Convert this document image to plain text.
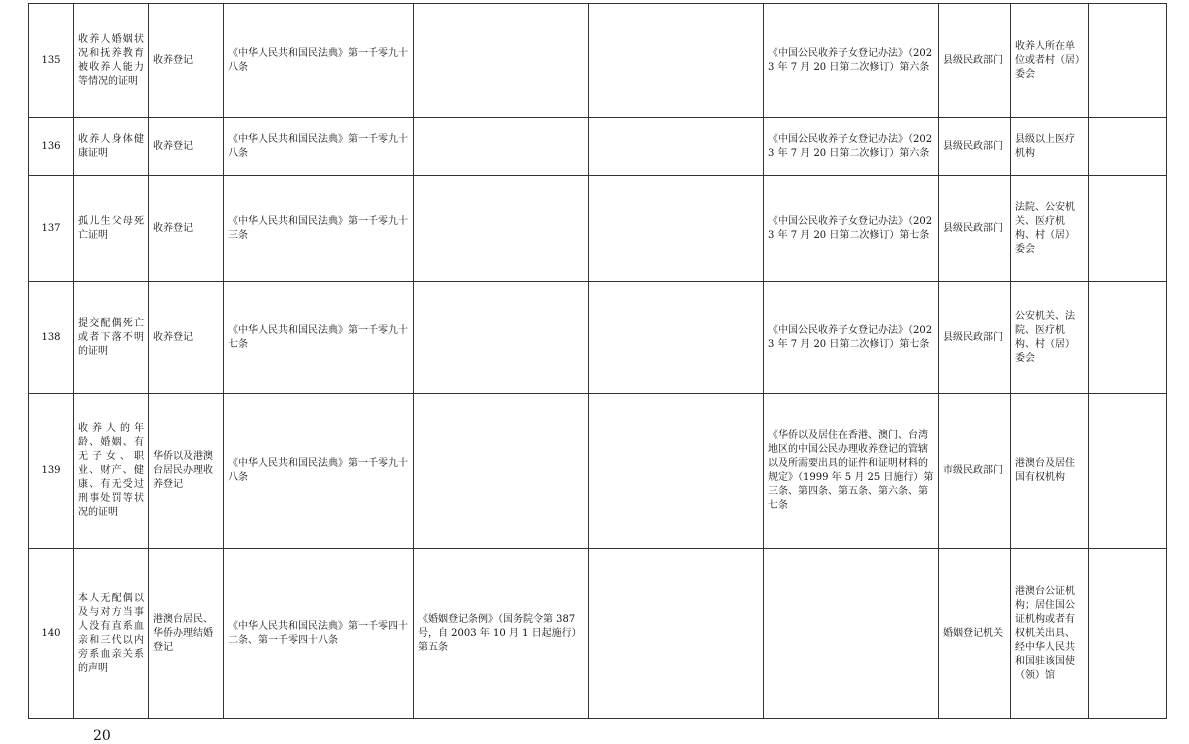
135	收养人婚姻状况和抚养教育被收养人能力等情况的证明	收养登记	《中华人民共和国民法典》第一千零九十八条			《中国公民收养子女登记办法》（2023 年 7 月 20 日第二次修订）第六条	县级民政部门	收养人所在单位或者村（居）委会	
136	收养人身体健康证明	收养登记	《中华人民共和国民法典》第一千零九十八条			《中国公民收养子女登记办法》（2023 年 7 月 20 日第二次修订）第六条	县级民政部门	县级以上医疗机构	
137	孤儿生父母死亡证明	收养登记	《中华人民共和国民法典》第一千零九十三条			《中国公民收养子女登记办法》（2023 年 7 月 20 日第二次修订）第七条	县级民政部门	法院、公安机关、医疗机构、村（居）委会	
138	提交配偶死亡或者下落不明的证明	收养登记	《中华人民共和国民法典》第一千零九十七条			《中国公民收养子女登记办法》（2023 年 7 月 20 日第二次修订）第七条	县级民政部门	公安机关、法院、医疗机构、村（居）委会	
139	收养人的年龄、婚姻、有无子女、职业、财产、健康、有无受过刑事处罚等状况的证明	华侨以及港澳台居民办理收养登记	《中华人民共和国民法典》第一千零九十八条			《华侨以及居住在香港、澳门、台湾地区的中国公民办理收养登记的管辖以及所需要出具的证件和证明材料的规定》（1999 年 5 月 25 日施行）第三条、第四条、第五条、第六条、第七条	市级民政部门	港澳台及居住国有权机构	
140	本人无配偶以及与对方当事人没有直系血亲和三代以内旁系血亲关系的声明	港澳台居民、华侨办理结婚登记	《中华人民共和国民法典》第一千零四十二条、第一千零四十八条	《婚姻登记条例》（国务院令第 387 号，自 2003 年 10 月 1 日起施行）第五条			婚姻登记机关	港澳台公证机构；居住国公证机构或者有权机关出具、经中华人民共和国驻该国使（领）馆	
20
